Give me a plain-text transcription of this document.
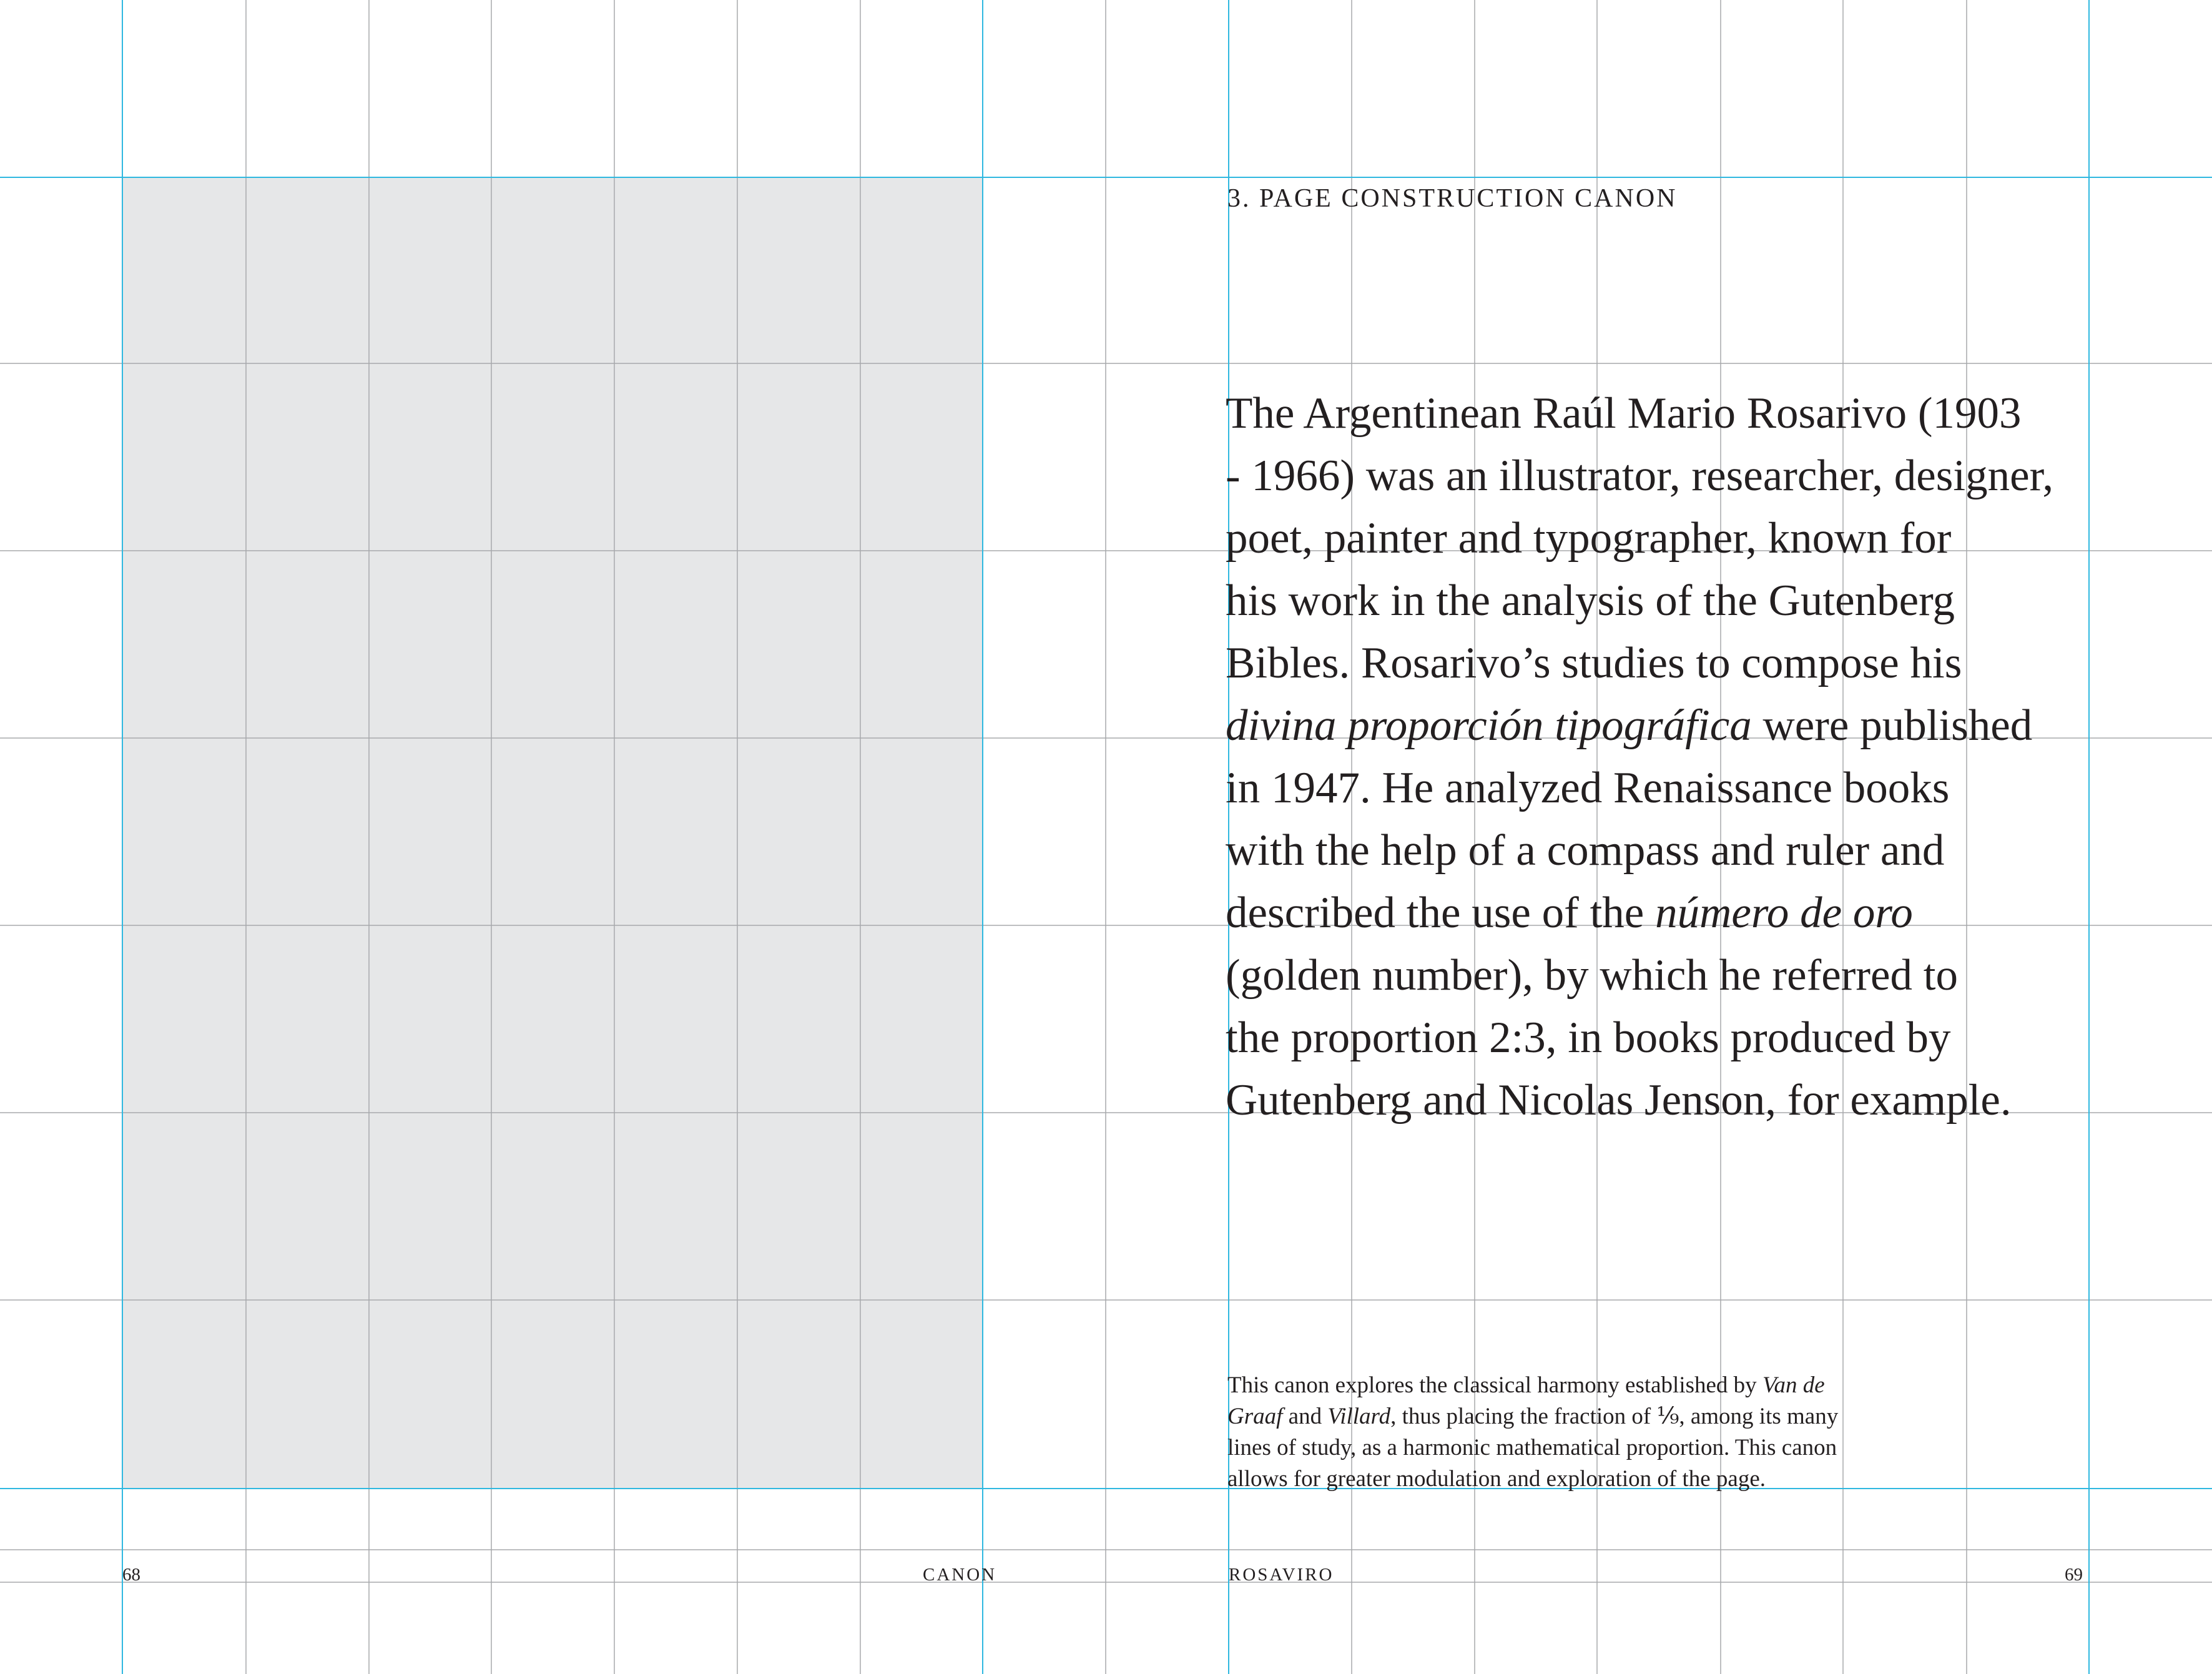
3. PAGE CONSTRUCTION CANON

The Argentinean Raúl Mario Rosarivo (1903
- 1966) was an illustrator, researcher, designer,
poet, painter and typographer, known for
his work in the analysis of the Gutenberg
Bibles. Rosarivo’s studies to compose his
divina proporción tipográfica were published
in 1947. He analyzed Renaissance books
with the help of a compass and ruler and
described the use of the número de oro
(golden number), by which he referred to
the proportion 2:3, in books produced by
Gutenberg and Nicolas Jenson, for example.

This canon explores the classical harmony established by Van de
Graaf and Villard, thus placing the fraction of ⅑, among its many
lines of study, as a harmonic mathematical proportion. This canon
allows for greater modulation and exploration of the page.

68	CANON	ROSAVIRO	69
